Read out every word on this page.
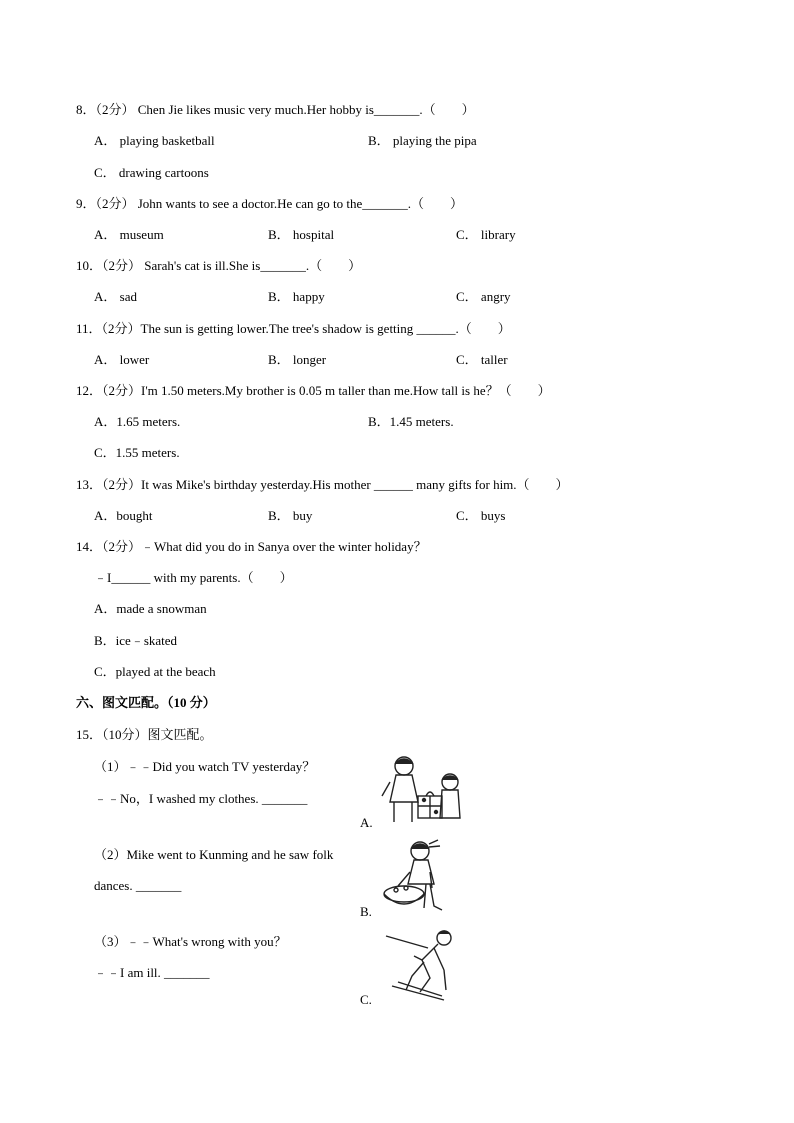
8．（2分） Chen Jie likes music very much.Her hobby is_______.（　　）
A． playing basketball	B． playing the pipa
C． drawing cartoons
9．（2分） John wants to see a doctor.He can go to the_______.（　　）
A． museum	B． hospital	C． library
10．（2分） Sarah's cat is ill.She is_______.（　　）
A． sad	B． happy	C． angry
11．（2分）The sun is getting lower.The tree's shadow is getting ______.（　　）
A． lower	B． longer	C． taller
12．（2分）I'm 1.50 meters.My brother is 0.05 m taller than me.How tall is he？（　　）
A．1.65 meters.	B．1.45 meters.
C．1.55 meters.
13．（2分）It was Mike's birthday yesterday.His mother ______ many gifts for him.（　　）
A．bought	B． buy	C． buys
14．（2分）﹣What did you do in Sanya over the winter holiday？
﹣I______ with my parents.（　　）
A．made a snowman
B．ice﹣skated
C．played at the beach
六、图文匹配。（10 分）
15．（10分）图文匹配。
（1）﹣﹣Did you watch TV yesterday？
﹣﹣No，I washed my clothes. _______
（2）Mike went to Kunming and he saw folk
dances. _______
（3）﹣﹣What's wrong with you？
﹣﹣I am ill. _______
A.
B.
C.
